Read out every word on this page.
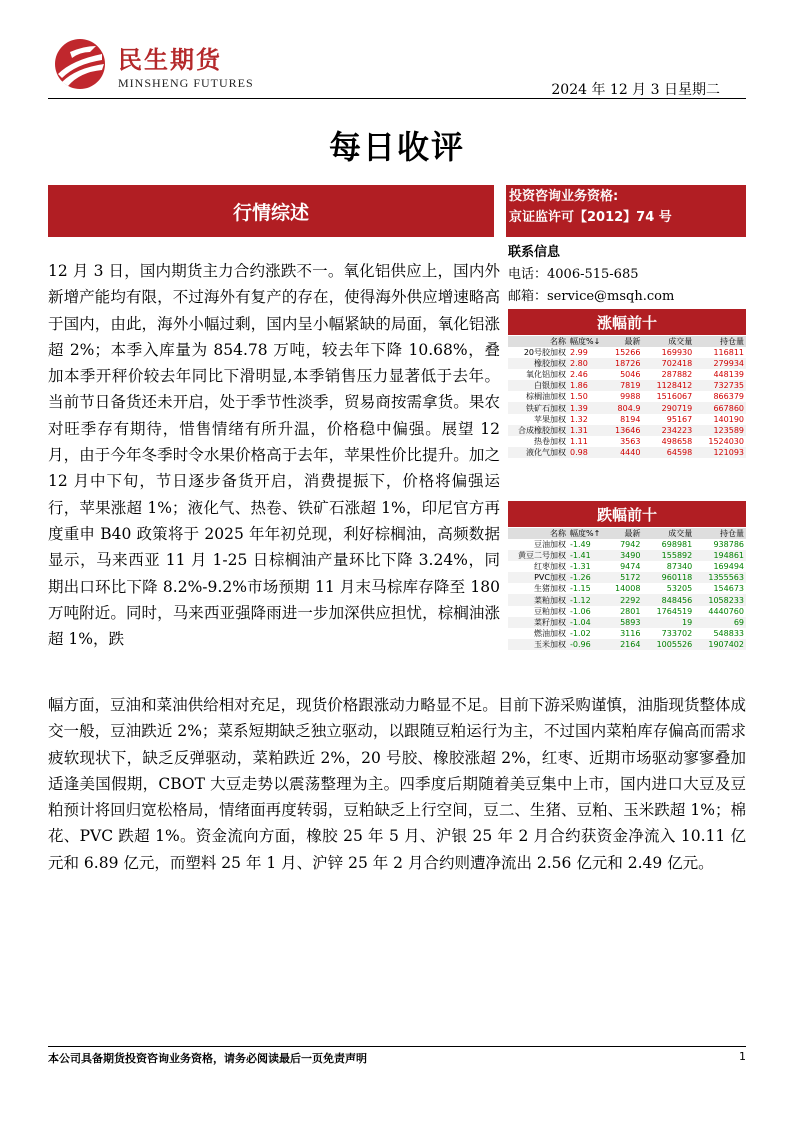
民生期货
MINSHENG FUTURES	2024 年 12 月 3 日星期二
每日收评
行情综述
投资咨询业务资格:
京证监许可【2012】74 号
联系信息
电话：4006-515-685
邮箱：service@msqh.com
12 月 3 日，国内期货主力合约涨跌不一。氧化铝供应上，国内外新增产能均有限，不过海外有复产的存在，使得海外供应增速略高于国内，由此，海外小幅过剩，国内呈小幅紧缺的局面，氧化铝涨超 2%；本季入库量为 854.78 万吨，较去年下降 10.68%，叠加本季开秤价较去年同比下滑明显,本季销售压力显著低于去年。当前节日备货还未开启，处于季节性淡季，贸易商按需拿货。果农对旺季存有期待，惜售情绪有所升温，价格稳中偏强。展望 12 月，由于今年冬季时令水果价格高于去年，苹果性价比提升。加之 12 月中下旬，节日逐步备货开启，消费提振下，价格将偏强运行，苹果涨超 1%；液化气、热卷、铁矿石涨超 1%，印尼官方再度重申 B40 政策将于 2025 年年初兑现，利好棕榈油，高频数据显示，马来西亚 11 月 1-25 日棕榈油产量环比下降 3.24%，同期出口环比下降 8.2%-9.2%市场预期 11 月末马棕库存降至 180 万吨附近。同时，马来西亚强降雨进一步加深供应担忧，棕榈油涨超 1%，跌
幅方面，豆油和菜油供给相对充足，现货价格跟涨动力略显不足。目前下游采购谨慎，油脂现货整体成交一般，豆油跌近 2%；菜系短期缺乏独立驱动，以跟随豆粕运行为主，不过国内菜粕库存偏高而需求疲软现状下，缺乏反弹驱动，菜粕跌近 2%，20 号胶、橡胶涨超 2%，红枣、近期市场驱动寥寥叠加适逢美国假期，CBOT 大豆走势以震荡整理为主。四季度后期随着美豆集中上市，国内进口大豆及豆粕预计将回归宽松格局，情绪面再度转弱，豆粕缺乏上行空间，豆二、生猪、豆粕、玉米跌超 1%；棉花、PVC 跌超 1%。资金流向方面，橡胶 25 年 5 月、沪银 25 年 2 月合约获资金净流入 10.11 亿元和 6.89 亿元，而塑料 25 年 1 月、沪锌 25 年 2 月合约则遭净流出 2.56 亿元和 2.49 亿元。
涨幅前十
名称	幅度%↓	最新	成交量	持仓量
20号胶加权	2.99	15266	169930	116811
橡胶加权	2.80	18726	702418	279934
氧化铝加权	2.46	5046	287882	448139
白银加权	1.86	7819	1128412	732735
棕榈油加权	1.50	9988	1516067	866379
铁矿石加权	1.39	804.9	290719	667860
苹果加权	1.32	8194	95167	140190
合成橡胶加权	1.31	13646	234223	123589
热卷加权	1.11	3563	498658	1524030
液化气加权	0.98	4440	64598	121093
跌幅前十
名称	幅度%↑	最新	成交量	持仓量
豆油加权	-1.49	7942	698981	938786
黄豆二号加权	-1.41	3490	155892	194861
红枣加权	-1.31	9474	87340	169494
PVC加权	-1.26	5172	960118	1355563
生猪加权	-1.15	14008	53205	154673
菜粕加权	-1.12	2292	848456	1058233
豆粕加权	-1.06	2801	1764519	4440760
菜籽加权	-1.04	5893	19	69
燃油加权	-1.02	3116	733702	548833
玉米加权	-0.96	2164	1005526	1907402
本公司具备期货投资咨询业务资格，请务必阅读最后一页免责声明	1
